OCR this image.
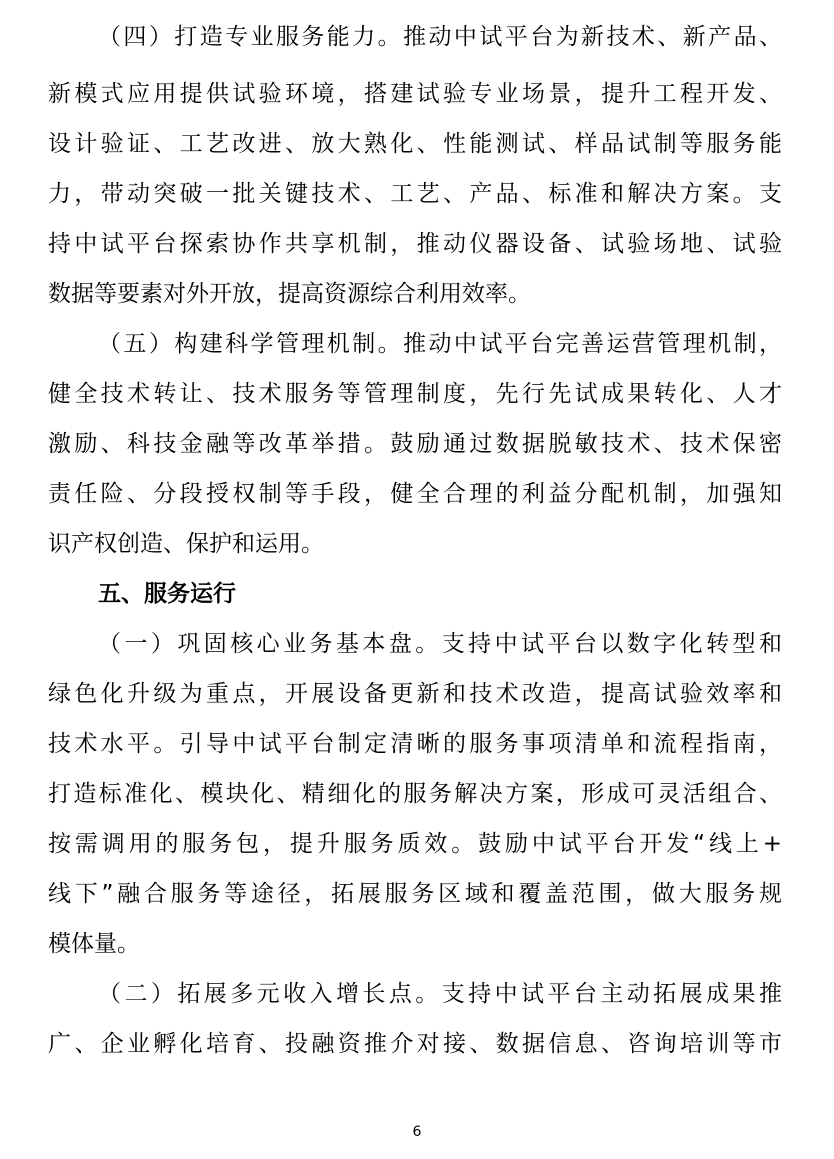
（四）打造专业服务能力。推动中试平台为新技术、新产品、
新模式应用提供试验环境，搭建试验专业场景，提升工程开发、
设计验证、工艺改进、放大熟化、性能测试、样品试制等服务能
力，带动突破一批关键技术、工艺、产品、标准和解决方案。支
持中试平台探索协作共享机制，推动仪器设备、试验场地、试验
数据等要素对外开放，提高资源综合利用效率。
（五）构建科学管理机制。推动中试平台完善运营管理机制，
健全技术转让、技术服务等管理制度，先行先试成果转化、人才
激励、科技金融等改革举措。鼓励通过数据脱敏技术、技术保密
责任险、分段授权制等手段，健全合理的利益分配机制，加强知
识产权创造、保护和运用。
五、服务运行
（一）巩固核心业务基本盘。支持中试平台以数字化转型和
绿色化升级为重点，开展设备更新和技术改造，提高试验效率和
技术水平。引导中试平台制定清晰的服务事项清单和流程指南，
打造标准化、模块化、精细化的服务解决方案，形成可灵活组合、
按需调用的服务包，提升服务质效。鼓励中试平台开发“线上+
线下”融合服务等途径，拓展服务区域和覆盖范围，做大服务规
模体量。
（二）拓展多元收入增长点。支持中试平台主动拓展成果推
广、企业孵化培育、投融资推介对接、数据信息、咨询培训等市
6
